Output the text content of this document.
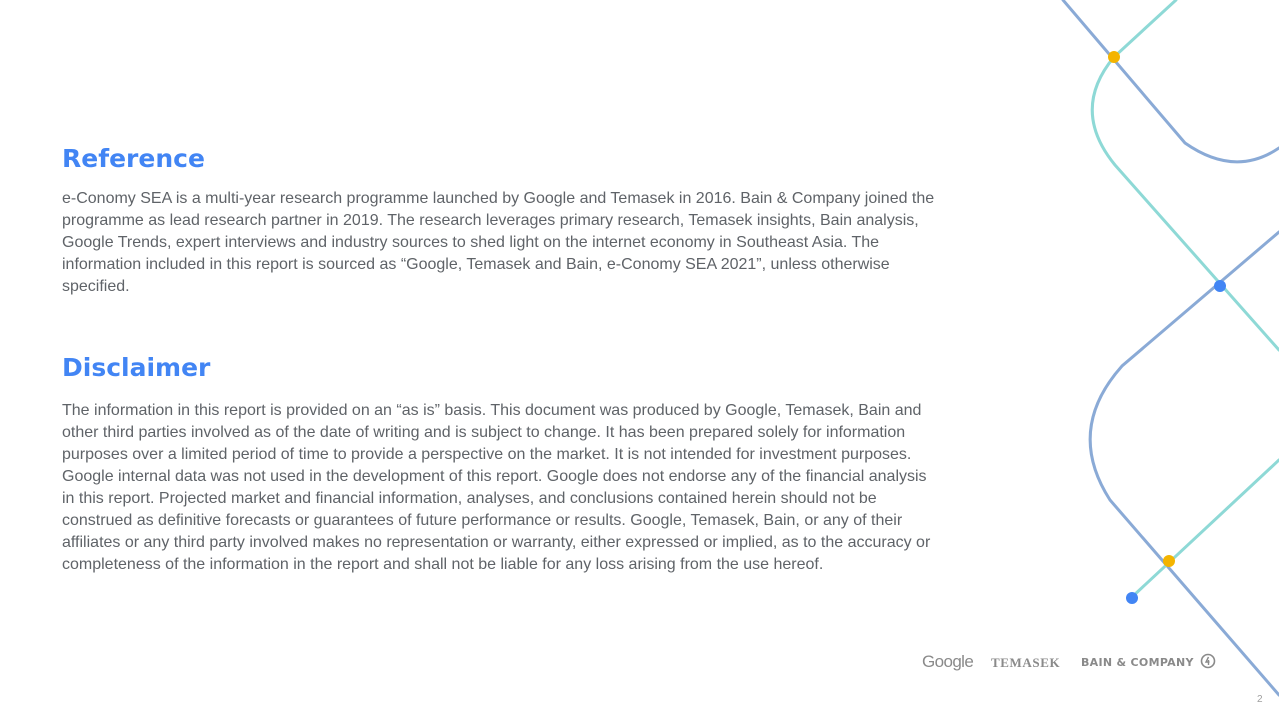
Reference

e-Conomy SEA is a multi-year research programme launched by Google and Temasek in 2016. Bain & Company joined the programme as lead research partner in 2019. The research leverages primary research, Temasek insights, Bain analysis, Google Trends, expert interviews and industry sources to shed light on the internet economy in Southeast Asia. The information included in this report is sourced as “Google, Temasek and Bain, e-Conomy SEA 2021”, unless otherwise specified.

Disclaimer

The information in this report is provided on an “as is” basis. This document was produced by Google, Temasek, Bain and other third parties involved as of the date of writing and is subject to change. It has been prepared solely for information purposes over a limited period of time to provide a perspective on the market. It is not intended for investment purposes. Google internal data was not used in the development of this report. Google does not endorse any of the financial analysis in this report. Projected market and financial information, analyses, and conclusions contained herein should not be construed as definitive forecasts or guarantees of future performance or results. Google, Temasek, Bain, or any of their affiliates or any third party involved makes no representation or warranty, either expressed or implied, as to the accuracy or completeness of the information in the report and shall not be liable for any loss arising from the use hereof.

Google TEMASEK BAIN & COMPANY
2
